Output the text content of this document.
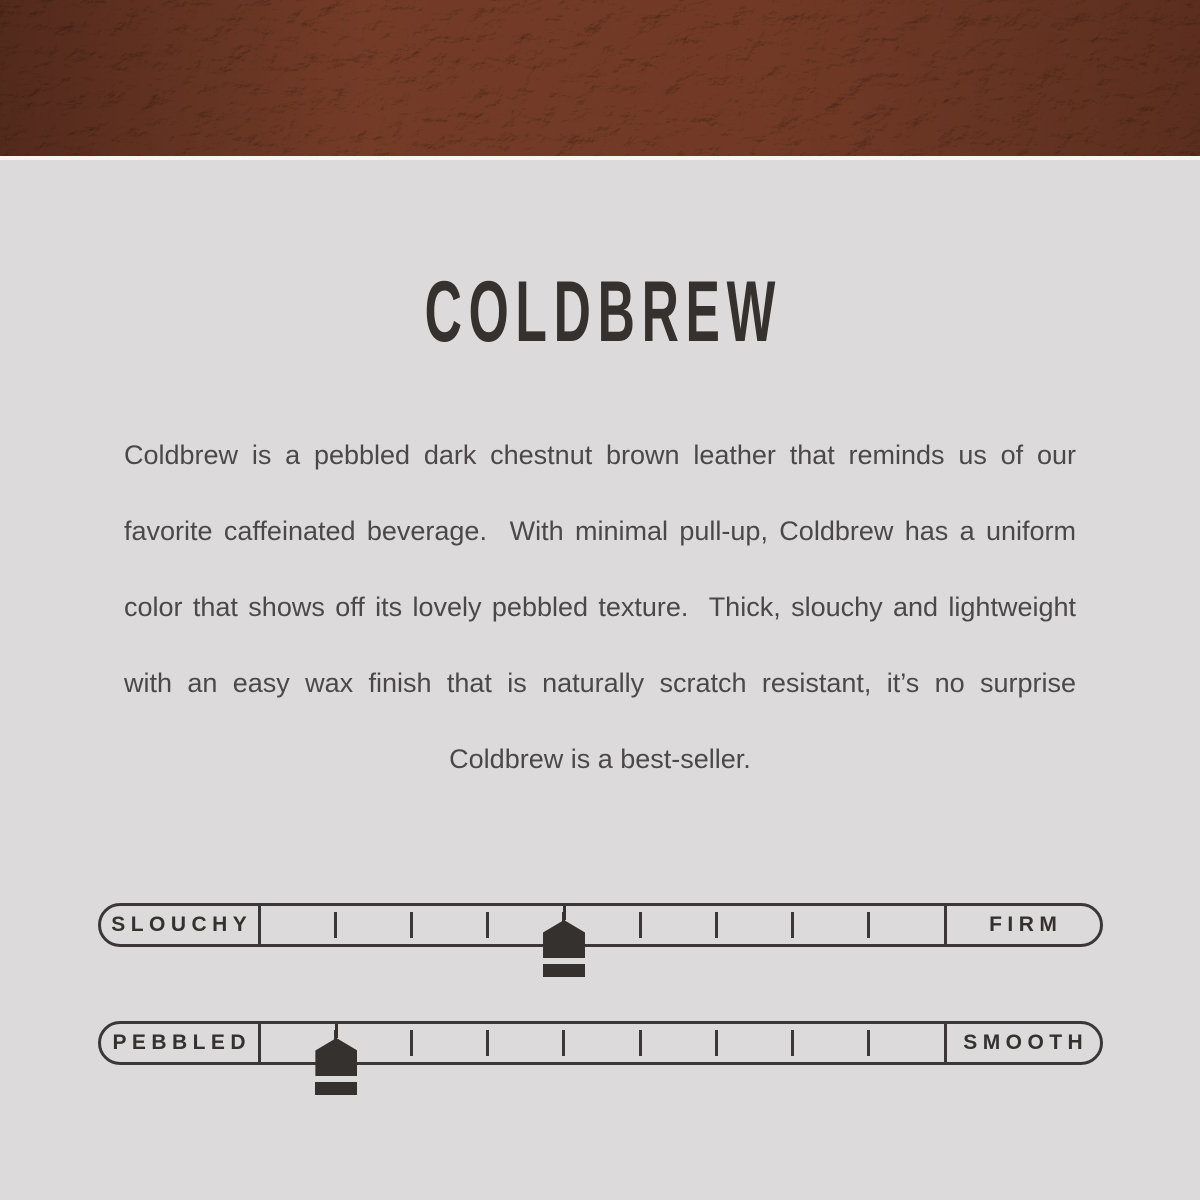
COLDBREW

Coldbrew is a pebbled dark chestnut brown leather that reminds us of our favorite caffeinated beverage.  With minimal pull-up, Coldbrew has a uniform color that shows off its lovely pebbled texture.  Thick, slouchy and lightweight with an easy wax finish that is naturally scratch resistant, it’s no surprise Coldbrew is a best-seller.

SLOUCHY	FIRM
PEBBLED	SMOOTH
